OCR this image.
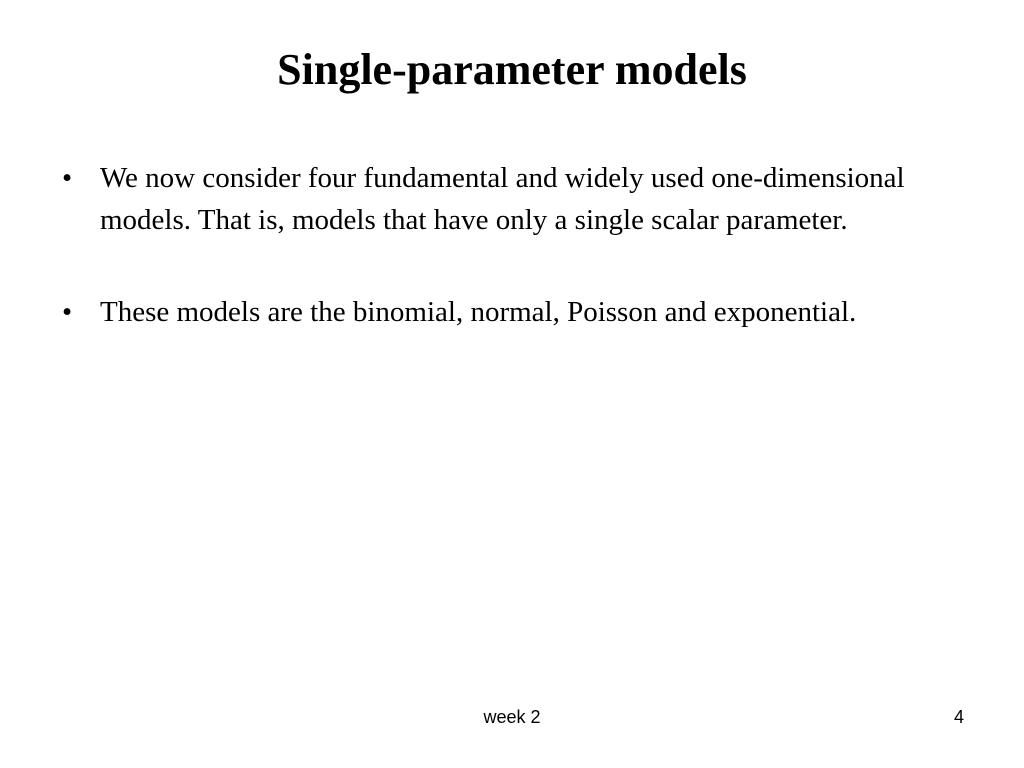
Single-parameter models
• We now consider four fundamental and widely used one-dimensional models. That is, models that have only a single scalar parameter.
• These models are the binomial, normal, Poisson and exponential.
week 2	4
